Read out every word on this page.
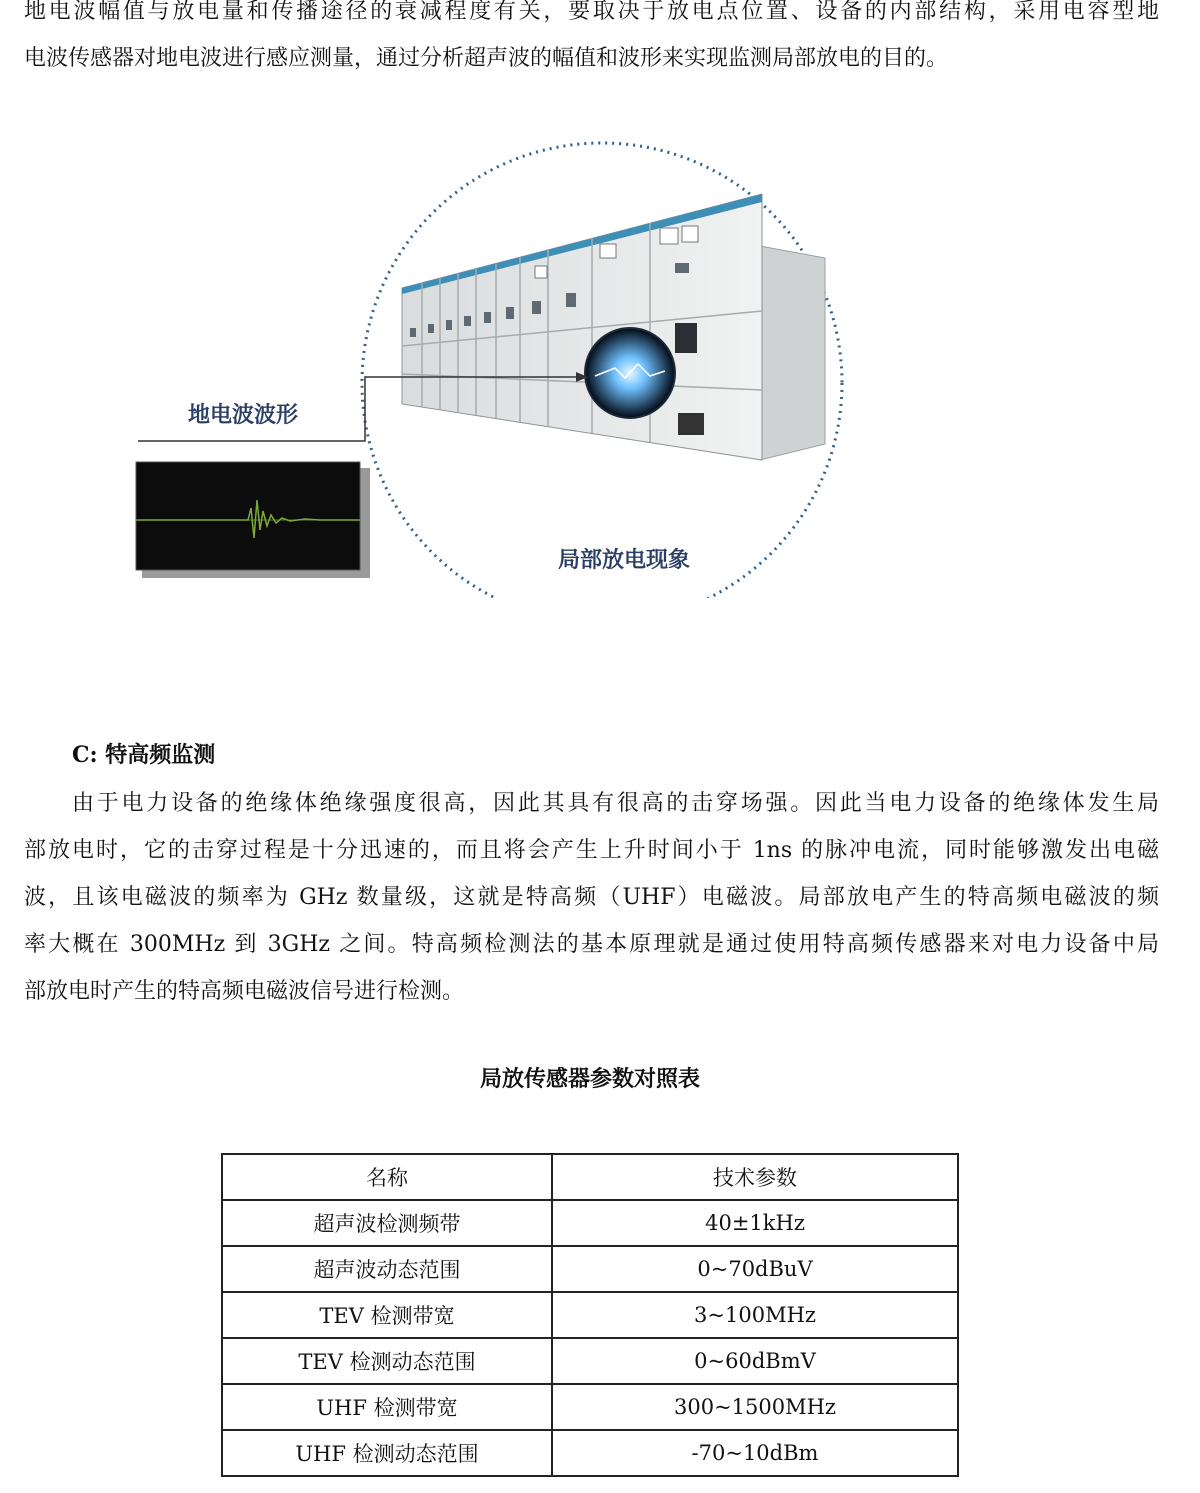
地电波幅值与放电量和传播途径的衰减程度有关，要取决于放电点位置、设备的内部结构，采用电容型地

电波传感器对地电波进行感应测量，通过分析超声波的幅值和波形来实现监测局部放电的目的。

地电波波形
局部放电现象
C: 特高频监测

由于电力设备的绝缘体绝缘强度很高，因此其具有很高的击穿场强。因此当电力设备的绝缘体发生局

部放电时，它的击穿过程是十分迅速的，而且将会产生上升时间小于 1ns 的脉冲电流，同时能够激发出电磁

波，且该电磁波的频率为 GHz 数量级，这就是特高频（UHF）电磁波。局部放电产生的特高频电磁波的频

率大概在 300MHz 到 3GHz 之间。特高频检测法的基本原理就是通过使用特高频传感器来对电力设备中局

部放电时产生的特高频电磁波信号进行检测。

局放传感器参数对照表
名称	技术参数
超声波检测频带	40±1kHz
超声波动态范围	0~70dBuV
TEV 检测带宽	3~100MHz
TEV 检测动态范围	0~60dBmV
UHF 检测带宽	300~1500MHz
UHF 检测动态范围	-70~10dBm
